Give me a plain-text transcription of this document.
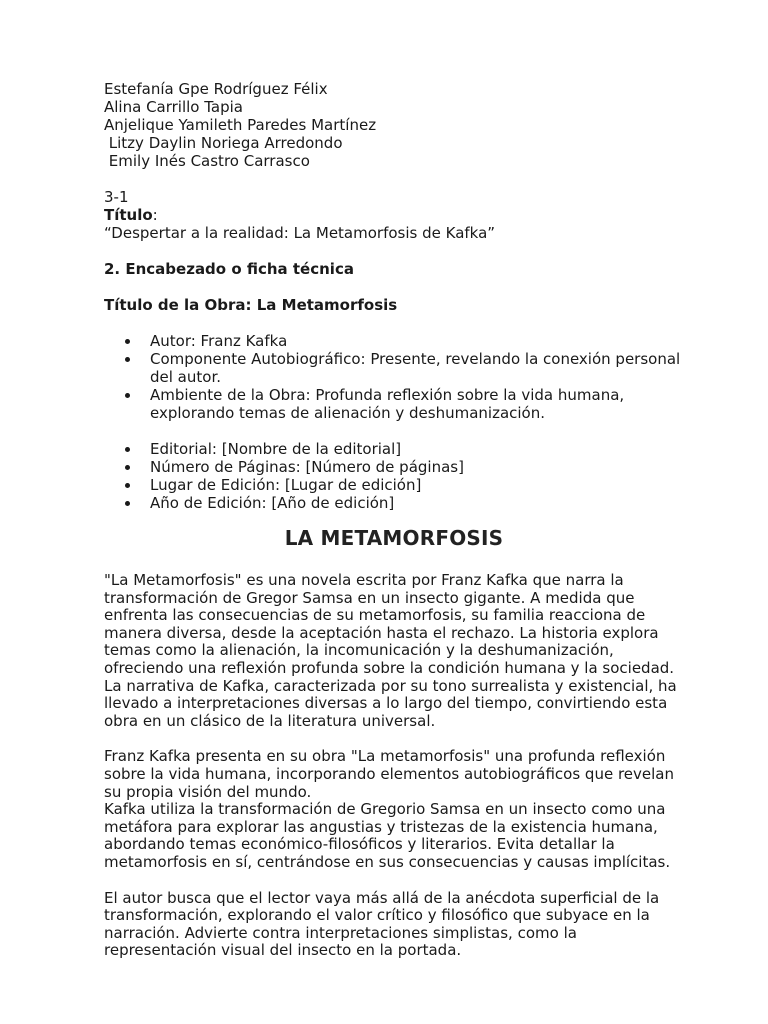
Estefanía Gpe Rodríguez Félix
Alina Carrillo Tapia
Anjelique Yamileth Paredes Martínez
Litzy Daylin Noriega Arredondo
Emily Inés Castro Carrasco
3-1
Título:
“Despertar a la realidad: La Metamorfosis de Kafka”
2. Encabezado o ficha técnica
Título de la Obra: La Metamorfosis
Autor: Franz Kafka
Componente Autobiográfico: Presente, revelando la conexión personal del autor.
Ambiente de la Obra: Profunda reflexión sobre la vida humana, explorando temas de alienación y deshumanización.
Editorial: [Nombre de la editorial]
Número de Páginas: [Número de páginas]
Lugar de Edición: [Lugar de edición]
Año de Edición: [Año de edición]
LA METAMORFOSIS

"La Metamorfosis" es una novela escrita por Franz Kafka que narra la transformación de Gregor Samsa en un insecto gigante. A medida que enfrenta las consecuencias de su metamorfosis, su familia reacciona de manera diversa, desde la aceptación hasta el rechazo. La historia explora temas como la alienación, la incomunicación y la deshumanización, ofreciendo una reflexión profunda sobre la condición humana y la sociedad. La narrativa de Kafka, caracterizada por su tono surrealista y existencial, ha llevado a interpretaciones diversas a lo largo del tiempo, convirtiendo esta obra en un clásico de la literatura universal.

Franz Kafka presenta en su obra "La metamorfosis" una profunda reflexión sobre la vida humana, incorporando elementos autobiográficos que revelan su propia visión del mundo.

Kafka utiliza la transformación de Gregorio Samsa en un insecto como una metáfora para explorar las angustias y tristezas de la existencia humana, abordando temas económico-filosóficos y literarios. Evita detallar la metamorfosis en sí, centrándose en sus consecuencias y causas implícitas.

El autor busca que el lector vaya más allá de la anécdota superficial de la transformación, explorando el valor crítico y filosófico que subyace en la narración. Advierte contra interpretaciones simplistas, como la representación visual del insecto en la portada.
